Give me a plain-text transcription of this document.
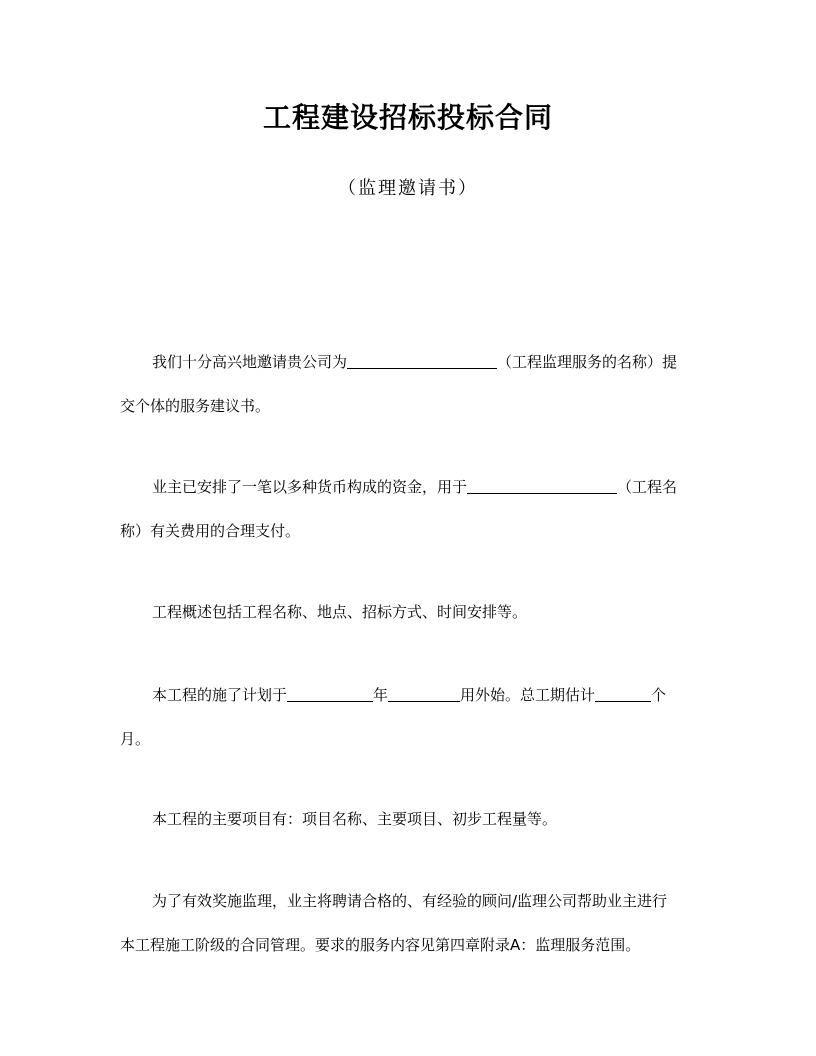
工程建设招标投标合同
（监理邀请书）
我们十分高兴地邀请贵公司为	（工程监理服务的名称）提
交个体的服务建议书。
业主已安排了一笔以多种货币构成的资金，用于	（工程名
称）有关费用的合理支付。
工程概述包括工程名称、地点、招标方式、时间安排等。
本工程的施了计划于	年	用外始。总工期估计	个
月。
本工程的主要项目有：项目名称、主要项目、初步工程量等。
为了有效奖施监理，业主将聘请合格的、有经验的顾问/监理公司帮助业主进行
本工程施工阶级的合同管理。要求的服务内容见第四章附录A：监理服务范围。
